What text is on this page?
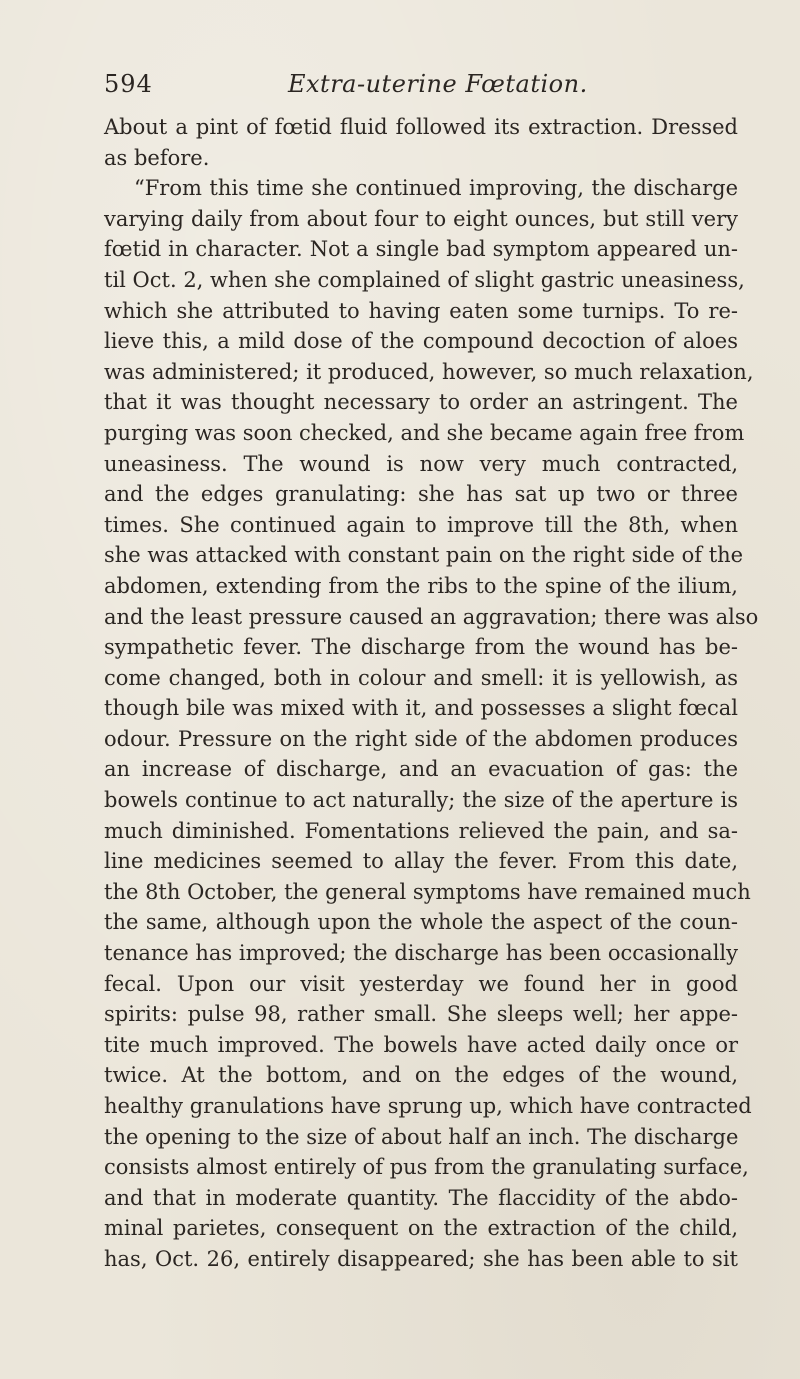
594	Extra-uterine Fœtation.
About a pint of fœtid fluid followed its extraction. Dressed
as before.
“From this time she continued improving, the discharge
varying daily from about four to eight ounces, but still very
fœtid in character. Not a single bad symptom appeared un-
til Oct. 2, when she complained of slight gastric uneasiness,
which she attributed to having eaten some turnips. To re-
lieve this, a mild dose of the compound decoction of aloes
was administered; it produced, however, so much relaxation,
that it was thought necessary to order an astringent. The
purging was soon checked, and she became again free from
uneasiness. The wound is now very much contracted,
and the edges granulating: she has sat up two or three
times. She continued again to improve till the 8th, when
she was attacked with constant pain on the right side of the
abdomen, extending from the ribs to the spine of the ilium,
and the least pressure caused an aggravation; there was also
sympathetic fever. The discharge from the wound has be-
come changed, both in colour and smell: it is yellowish, as
though bile was mixed with it, and possesses a slight fœcal
odour. Pressure on the right side of the abdomen produces
an increase of discharge, and an evacuation of gas: the
bowels continue to act naturally; the size of the aperture is
much diminished. Fomentations relieved the pain, and sa-
line medicines seemed to allay the fever. From this date,
the 8th October, the general symptoms have remained much
the same, although upon the whole the aspect of the coun-
tenance has improved; the discharge has been occasionally
fecal. Upon our visit yesterday we found her in good
spirits: pulse 98, rather small. She sleeps well; her appe-
tite much improved. The bowels have acted daily once or
twice. At the bottom, and on the edges of the wound,
healthy granulations have sprung up, which have contracted
the opening to the size of about half an inch. The discharge
consists almost entirely of pus from the granulating surface,
and that in moderate quantity. The flaccidity of the abdo-
minal parietes, consequent on the extraction of the child,
has, Oct. 26, entirely disappeared; she has been able to sit
